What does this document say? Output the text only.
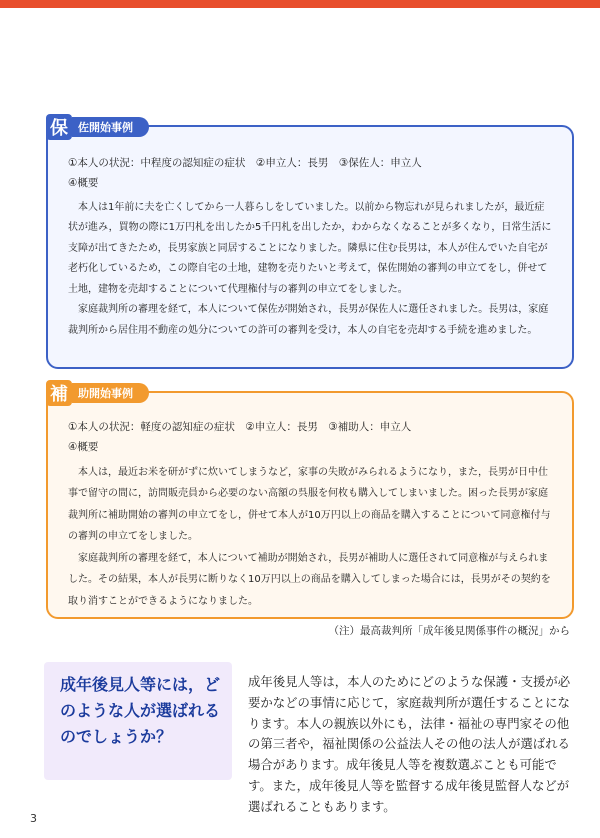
保 佐開始事例
①本人の状況：中程度の認知症の症状　②申立人：長男　③保佐人：申立人
④概要

本人は1年前に夫を亡くしてから一人暮らしをしていました。以前から物忘れが見られましたが，最近症状が進み，買物の際に1万円札を出したか5千円札を出したか，わからなくなることが多くなり，日常生活に支障が出てきたため，長男家族と同居することになりました。隣県に住む長男は，本人が住んでいた自宅が老朽化しているため，この際自宅の土地，建物を売りたいと考えて，保佐開始の審判の申立てをし，併せて土地，建物を売却することについて代理権付与の審判の申立てをしました。

家庭裁判所の審理を経て，本人について保佐が開始され，長男が保佐人に選任されました。長男は，家庭裁判所から居住用不動産の処分についての許可の審判を受け，本人の自宅を売却する手続を進めました。

補 助開始事例
①本人の状況：軽度の認知症の症状　②申立人：長男　③補助人：申立人
④概要

本人は，最近お米を研がずに炊いてしまうなど，家事の失敗がみられるようになり，また，長男が日中仕事で留守の間に，訪問販売員から必要のない高額の呉服を何枚も購入してしまいました。困った長男が家庭裁判所に補助開始の審判の申立てをし，併せて本人が10万円以上の商品を購入することについて同意権付与の審判の申立てをしました。

家庭裁判所の審理を経て，本人について補助が開始され，長男が補助人に選任されて同意権が与えられました。その結果，本人が長男に断りなく10万円以上の商品を購入してしまった場合には，長男がその契約を取り消すことができるようになりました。

（注）最高裁判所「成年後見関係事件の概況」から
成年後見人等には，どのような人が選ばれるのでしょうか？
成年後見人等は，本人のためにどのような保護・支援が必要かなどの事情に応じて，家庭裁判所が選任することになります。本人の親族以外にも，法律・福祉の専門家その他の第三者や，福祉関係の公益法人その他の法人が選ばれる場合があります。成年後見人等を複数選ぶことも可能です。また，成年後見人等を監督する成年後見監督人などが選ばれることもあります。
3
